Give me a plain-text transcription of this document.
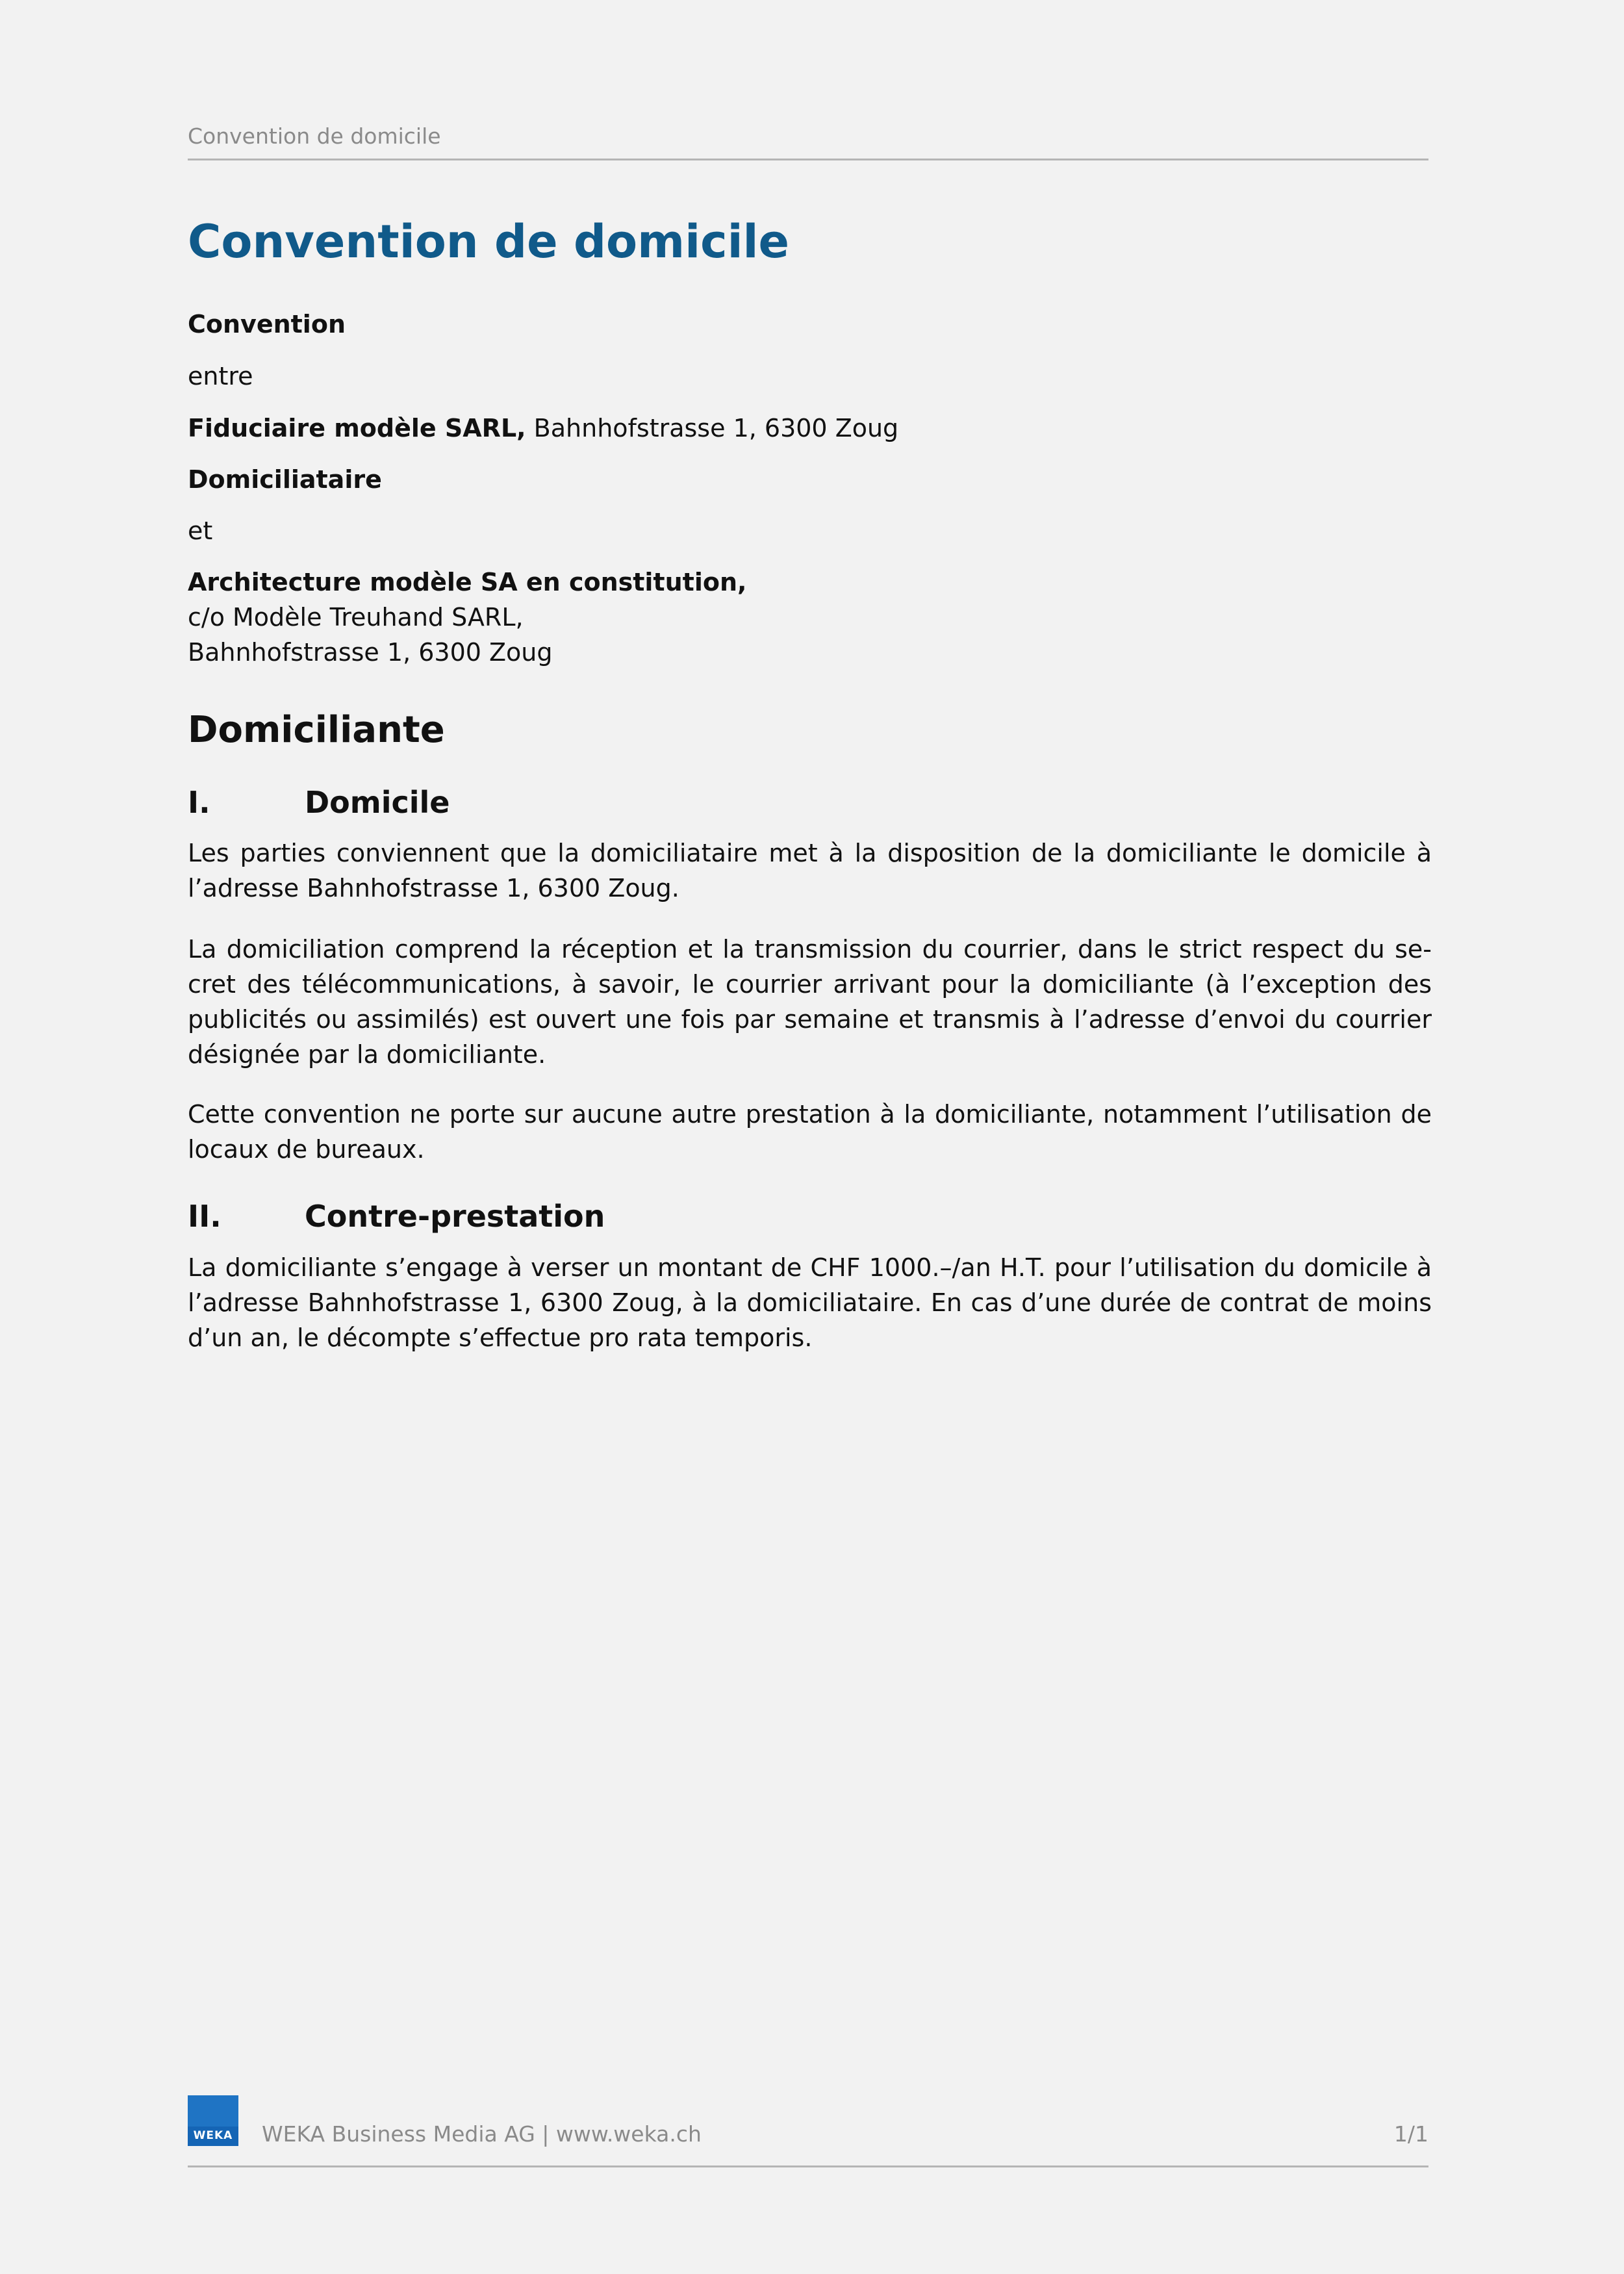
Convention de domicile
Convention de domicile
Convention
entre
Fiduciaire modèle SARL, Bahnhofstrasse 1, 6300 Zoug
Domiciliataire
et
Architecture modèle SA en constitution,
c/o Modèle Treuhand SARL,
Bahnhofstrasse 1, 6300 Zoug
Domiciliante
I.	Domicile

Les parties conviennent que la domiciliataire met à la disposition de la domiciliante le domicile à l’adresse Bahnhofstrasse 1, 6300 Zoug.

La domiciliation comprend la réception et la transmission du courrier, dans le strict respect du secret des télécommunications, à savoir, le courrier arrivant pour la domiciliante (à l’exception des publicités ou assimilés) est ouvert une fois par semaine et transmis à l’adresse d’envoi du courrier désignée par la domiciliante.

Cette convention ne porte sur aucune autre prestation à la domiciliante, notamment l’utilisation de locaux de bureaux.

II.	Contre-prestation

La domiciliante s’engage à verser un montant de CHF 1000.–/an H.T. pour l’utilisation du domicile à l’adresse Bahnhofstrasse 1, 6300 Zoug, à la domiciliataire. En cas d’une durée de contrat de moins d’un an, le décompte s’effectue pro rata temporis.

WEKA WEKA Business Media AG | www.weka.ch	1/1
